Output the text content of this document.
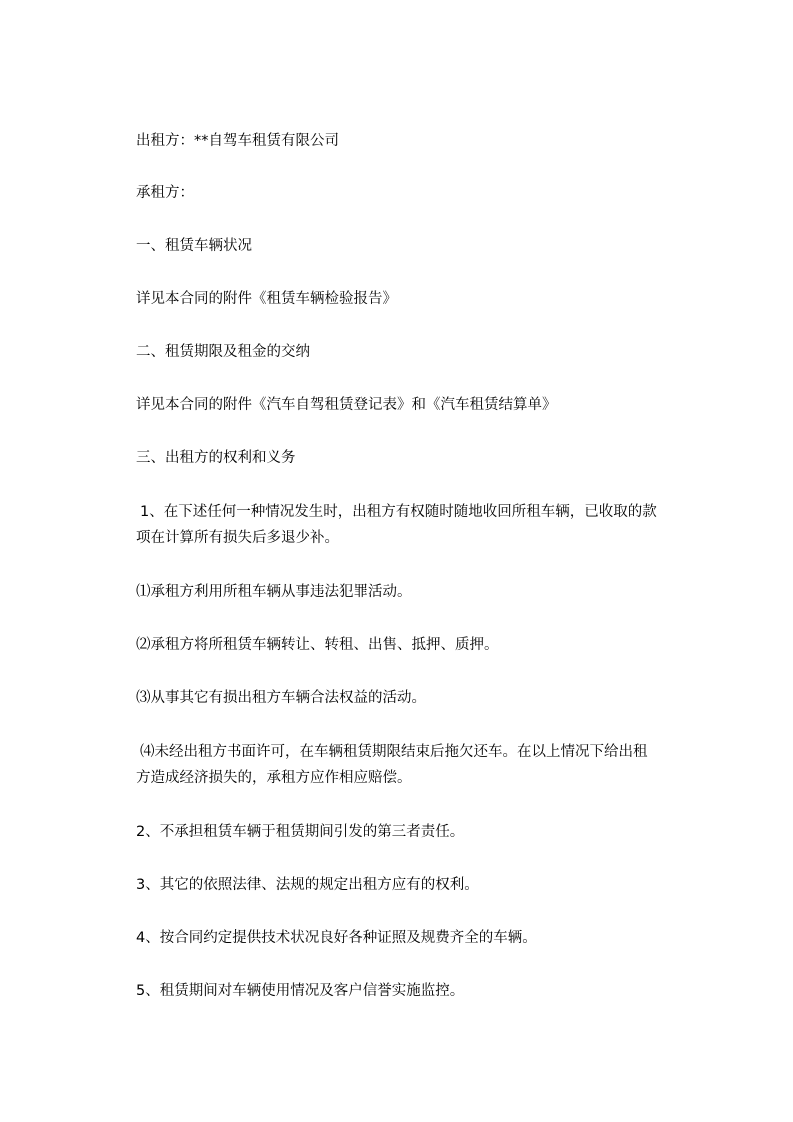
出租方：**自驾车租赁有限公司

承租方：

一、租赁车辆状况

详见本合同的附件《租赁车辆检验报告》

二、租赁期限及租金的交纳

详见本合同的附件《汽车自驾租赁登记表》和《汽车租赁结算单》

三、出租方的权利和义务

1、在下述任何一种情况发生时，出租方有权随时随地收回所租车辆，已收取的款
项在计算所有损失后多退少补。

⑴承租方利用所租车辆从事违法犯罪活动。

⑵承租方将所租赁车辆转让、转租、出售、抵押、质押。

⑶从事其它有损出租方车辆合法权益的活动。

⑷未经出租方书面许可，在车辆租赁期限结束后拖欠还车。在以上情况下给出租
方造成经济损失的，承租方应作相应赔偿。

2、不承担租赁车辆于租赁期间引发的第三者责任。

3、其它的依照法律、法规的规定出租方应有的权利。

4、按合同约定提供技术状况良好各种证照及规费齐全的车辆。

5、租赁期间对车辆使用情况及客户信誉实施监控。
